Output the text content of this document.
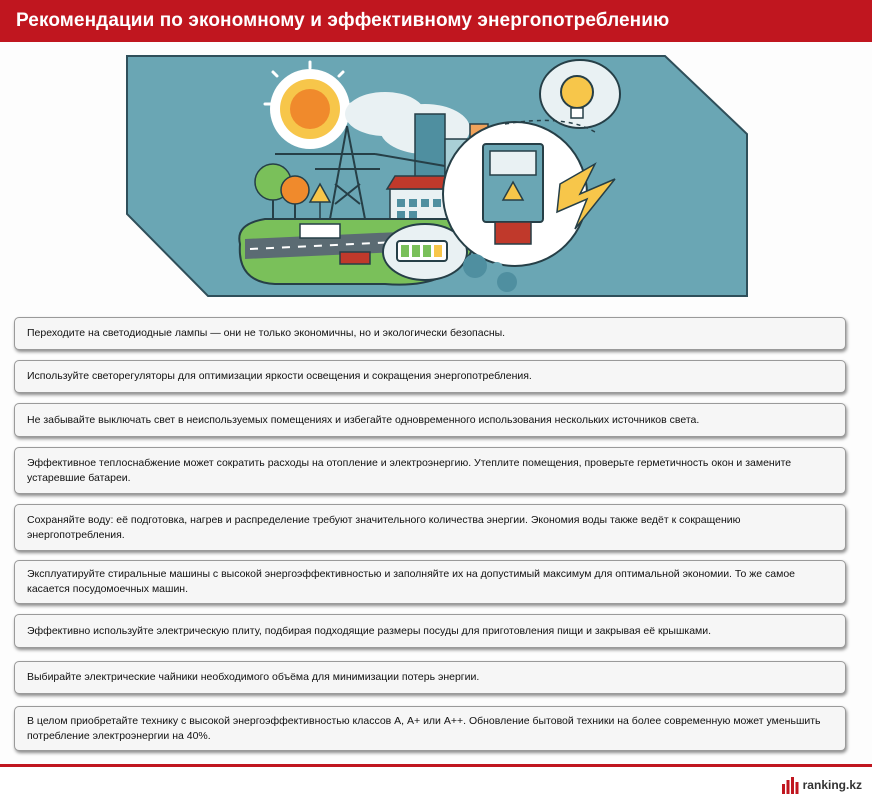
Рекомендации по экономному и эффективному энергопотреблению
Переходите на светодиодные лампы — они не только экономичны, но и экологически безопасны.
Используйте светорегуляторы для оптимизации яркости освещения и сокращения энергопотребления.
Не забывайте выключать свет в неиспользуемых помещениях и избегайте одновременного использования нескольких источников света.
Эффективное теплоснабжение может сократить расходы на отопление и электроэнергию. Утеплите помещения, проверьте герметичность окон и замените устаревшие батареи.
Сохраняйте воду: её подготовка, нагрев и распределение требуют значительного количества энергии. Экономия воды также ведёт к сокращению энергопотребления.
Эксплуатируйте стиральные машины с высокой энергоэффективностью и заполняйте их на допустимый максимум для оптимальной экономии. То же самое касается посудомоечных машин.
Эффективно используйте электрическую плиту, подбирая подходящие размеры посуды для приготовления пищи и закрывая её крышками.
Выбирайте электрические чайники необходимого объёма для минимизации потерь энергии.
В целом приобретайте технику с высокой энергоэффективностью классов А, А+ или А++. Обновление бытовой техники на более современную может уменьшить потребление электроэнергии на 40%.
ranking.kz
